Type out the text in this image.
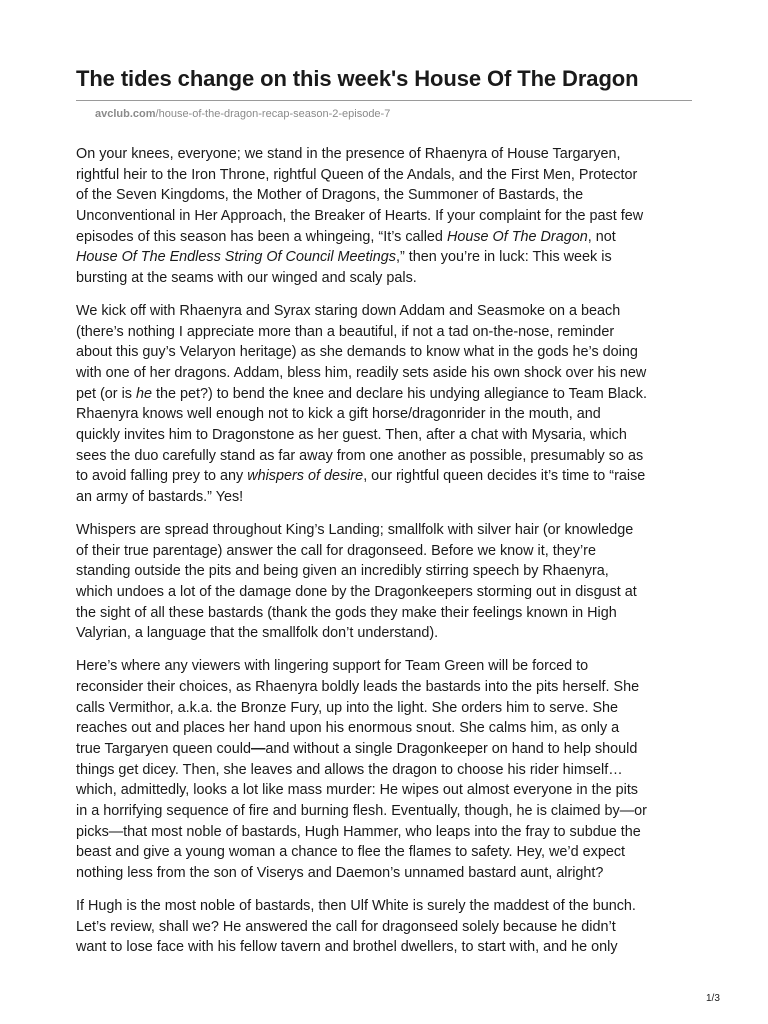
The tides change on this week's House Of The Dragon
avclub.com/house-of-the-dragon-recap-season-2-episode-7

On your knees, everyone; we stand in the presence of Rhaenyra of House Targaryen,
rightful heir to the Iron Throne, rightful Queen of the Andals, and the First Men, Protector
of the Seven Kingdoms, the Mother of Dragons, the Summoner of Bastards, the
Unconventional in Her Approach, the Breaker of Hearts. If your complaint for the past few
episodes of this season has been a whingeing, “It’s called House Of The Dragon, not
House Of The Endless String Of Council Meetings,” then you’re in luck: This week is
bursting at the seams with our winged and scaly pals.

We kick off with Rhaenyra and Syrax staring down Addam and Seasmoke on a beach
(there’s nothing I appreciate more than a beautiful, if not a tad on-the-nose, reminder
about this guy’s Velaryon heritage) as she demands to know what in the gods he’s doing
with one of her dragons. Addam, bless him, readily sets aside his own shock over his new
pet (or is he the pet?) to bend the knee and declare his undying allegiance to Team Black.
Rhaenyra knows well enough not to kick a gift horse/dragonrider in the mouth, and
quickly invites him to Dragonstone as her guest. Then, after a chat with Mysaria, which
sees the duo carefully stand as far away from one another as possible, presumably so as
to avoid falling prey to any whispers of desire, our rightful queen decides it’s time to “raise
an army of bastards.” Yes!

Whispers are spread throughout King’s Landing; smallfolk with silver hair (or knowledge
of their true parentage) answer the call for dragonseed. Before we know it, they’re
standing outside the pits and being given an incredibly stirring speech by Rhaenyra,
which undoes a lot of the damage done by the Dragonkeepers storming out in disgust at
the sight of all these bastards (thank the gods they make their feelings known in High
Valyrian, a language that the smallfolk don’t understand).

Here’s where any viewers with lingering support for Team Green will be forced to
reconsider their choices, as Rhaenyra boldly leads the bastards into the pits herself. She
calls Vermithor, a.k.a. the Bronze Fury, up into the light. She orders him to serve. She
reaches out and places her hand upon his enormous snout. She calms him, as only a
true Targaryen queen could—and without a single Dragonkeeper on hand to help should
things get dicey. Then, she leaves and allows the dragon to choose his rider himself…
which, admittedly, looks a lot like mass murder: He wipes out almost everyone in the pits
in a horrifying sequence of fire and burning flesh. Eventually, though, he is claimed by—or
picks—that most noble of bastards, Hugh Hammer, who leaps into the fray to subdue the
beast and give a young woman a chance to flee the flames to safety. Hey, we’d expect
nothing less from the son of Viserys and Daemon’s unnamed bastard aunt, alright?

If Hugh is the most noble of bastards, then Ulf White is surely the maddest of the bunch.
Let’s review, shall we? He answered the call for dragonseed solely because he didn’t
want to lose face with his fellow tavern and brothel dwellers, to start with, and he only

1/3
